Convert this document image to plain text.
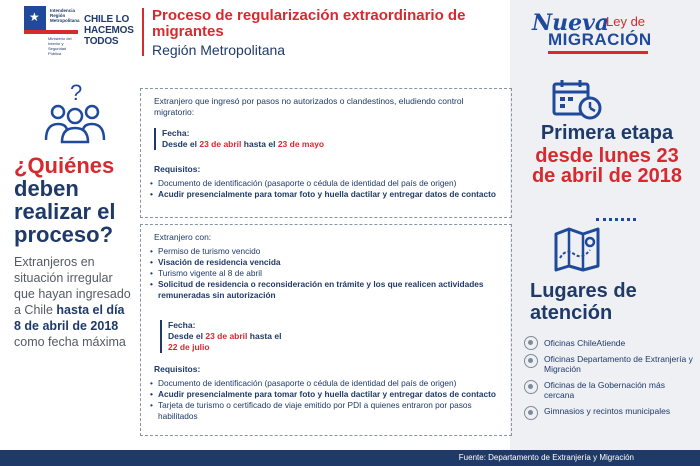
★ Intendencia Región Metropolitana
Ministerio del Interior y Seguridad Pública
CHILE LO HACEMOS TODOS
Proceso de regularización extraordinario de migrantes
Región Metropolitana
Nueva
Ley de
MIGRACIÓN
Primera etapa
desde lunes 23 de abril de 2018
Lugares de atención
Oficinas ChileAtiende
Oficinas Departamento de Extranjería y Migración
Oficinas de la Gobernación más cercana
Gimnasios y recintos municipales
?
¿Quiénes deben realizar el proceso?
Extranjeros en situación irregular que hayan ingresado a Chile hasta el día 8 de abril de 2018 como fecha máxima
Extranjero que ingresó por pasos no autorizados o clandestinos, eludiendo control migratorio:
Fecha:
Desde el 23 de abril hasta el 23 de mayo
Requisitos:
• Documento de identificación (pasaporte o cédula de identidad del país de origen)
• Acudir presencialmente para tomar foto y huella dactilar y entregar datos de contacto
Extranjero con:
• Permiso de turismo vencido
• Visación de residencia vencida
• Turismo vigente al 8 de abril
• Solicitud de residencia o reconsideración en trámite y los que realicen actividades remuneradas sin autorización
Fecha:
Desde el 23 de abril hasta el
22 de julio
Requisitos:
• Documento de identificación (pasaporte o cédula de identidad del país de origen)
• Acudir presencialmente para tomar foto y huella dactilar y entregar datos de contacto
• Tarjeta de turismo o certificado de viaje emitido por PDI a quienes entraron por pasos habilitados
Fuente: Departamento de Extranjería y Migración
